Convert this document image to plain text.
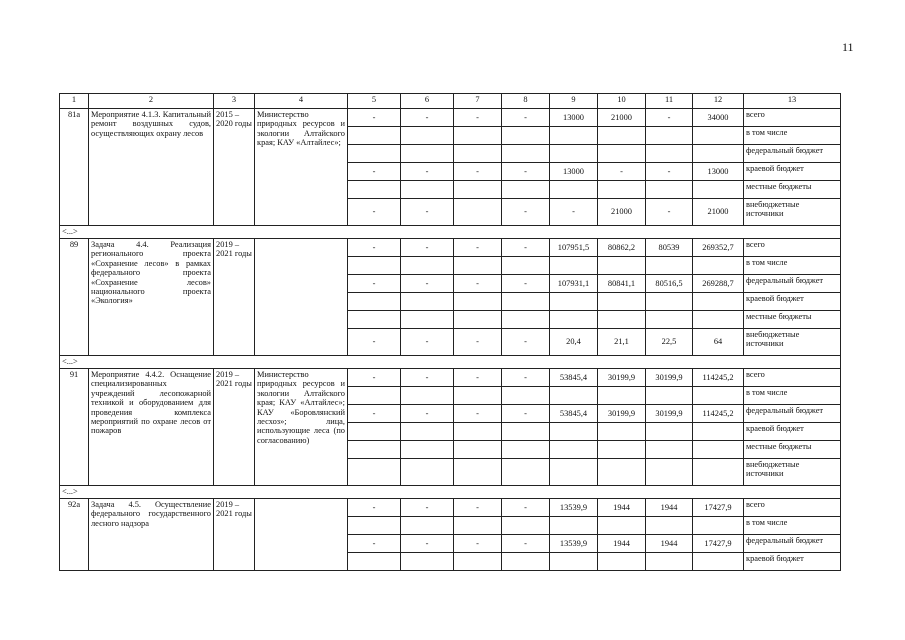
11
1	2	3	4	5	6	7	8	9	10	11	12	13
81а	Мероприятие 4.1.3. Капитальный ремонт воздушных судов, осуществляющих охрану лесов	2015 – 2020 годы	Министерство природных ресурсов и экологии Алтайского края; КАУ «Алтайлес»;	-	-	-	-	13000	21000	-	34000	всего
												в том числе
												федеральный бюджет
				-	-	-	-	13000	-	-	13000	краевой бюджет
												местные бюджеты
				-	-		-	-	21000	-	21000	внебюджетные источники
<...>												
89	Задача 4.4. Реализация регионального проекта «Сохранение лесов» в рамках федерального проекта «Сохранение лесов» национального проекта «Экология»	2019 – 2021 годы		-	-	-	-	107951,5	80862,2	80539	269352,7	всего
												в том числе
				-	-	-	-	107931,1	80841,1	80516,5	269288,7	федеральный бюджет
												краевой бюджет
												местные бюджеты
				-	-	-	-	20,4	21,1	22,5	64	внебюджетные источники
<...>												
91	Мероприятие 4.4.2. Оснащение специализированных учреждений лесопожарной техникой и оборудованием для проведения комплекса мероприятий по охране лесов от пожаров	2019 – 2021 годы	Министерство природных ресурсов и экологии Алтайского края; КАУ «Алтайлес»; КАУ «Боровлянский лесхоз»; лица, использующие леса (по согласованию)	-	-	-	-	53845,4	30199,9	30199,9	114245,2	всего
												в том числе
				-	-	-	-	53845,4	30199,9	30199,9	114245,2	федеральный бюджет
												краевой бюджет
												местные бюджеты
												внебюджетные источники
<...>												
92а	Задача 4.5. Осуществление федерального государственного лесного надзора	2019 – 2021 годы		-	-	-	-	13539,9	1944	1944	17427,9	всего
												в том числе
				-	-	-	-	13539,9	1944	1944	17427,9	федеральный бюджет
												краевой бюджет
